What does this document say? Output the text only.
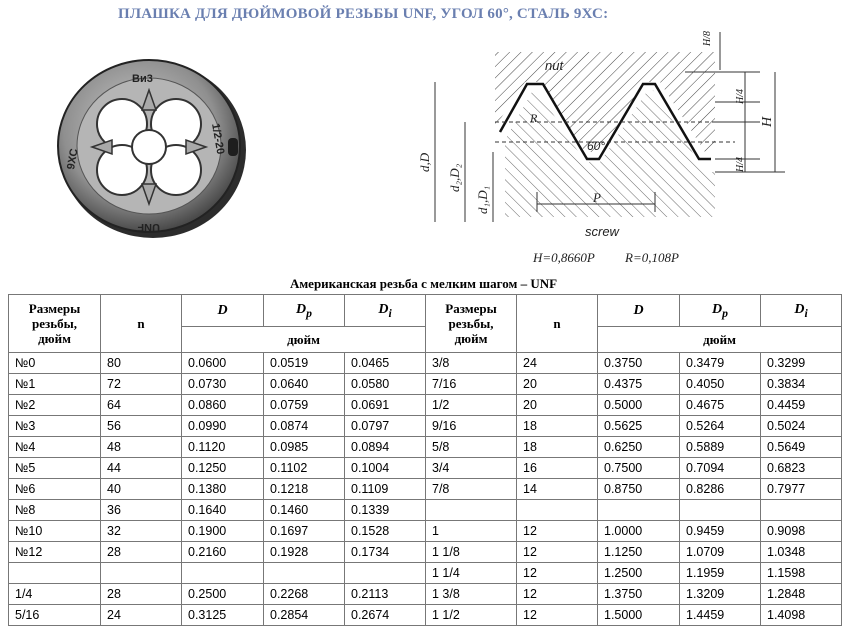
ПЛАШКА ДЛЯ ДЮЙМОВОЙ РЕЗЬБЫ UNF, УГОЛ 60°, СТАЛЬ 9ХС:
Ви3
9ХС
1/2-20
UNF
H/8
H/4
H/4
H
d,D
d₂,D₂
d₁,D₁
nut
screw
60°
R
P
H=0,8660P R=0,108P
Американская резьба с мелким шагом – UNF
Размеры резьбы, дюйм	n	D	$D_p$	$D_i$	Размеры резьбы, дюйм	n	D	$D_p$	$D_i$
		дюйм					дюйм		
№0	80	0.0600	0.0519	0.0465	3/8	24	0.3750	0.3479	0.3299
№1	72	0.0730	0.0640	0.0580	7/16	20	0.4375	0.4050	0.3834
№2	64	0.0860	0.0759	0.0691	1/2	20	0.5000	0.4675	0.4459
№3	56	0.0990	0.0874	0.0797	9/16	18	0.5625	0.5264	0.5024
№4	48	0.1120	0.0985	0.0894	5/8	18	0.6250	0.5889	0.5649
№5	44	0.1250	0.1102	0.1004	3/4	16	0.7500	0.7094	0.6823
№6	40	0.1380	0.1218	0.1109	7/8	14	0.8750	0.8286	0.7977
№8	36	0.1640	0.1460	0.1339					
№10	32	0.1900	0.1697	0.1528	1	12	1.0000	0.9459	0.9098
№12	28	0.2160	0.1928	0.1734	1 1/8	12	1.1250	1.0709	1.0348
					1 1/4	12	1.2500	1.1959	1.1598
1/4	28	0.2500	0.2268	0.2113	1 3/8	12	1.3750	1.3209	1.2848
5/16	24	0.3125	0.2854	0.2674	1 1/2	12	1.5000	1.4459	1.4098
